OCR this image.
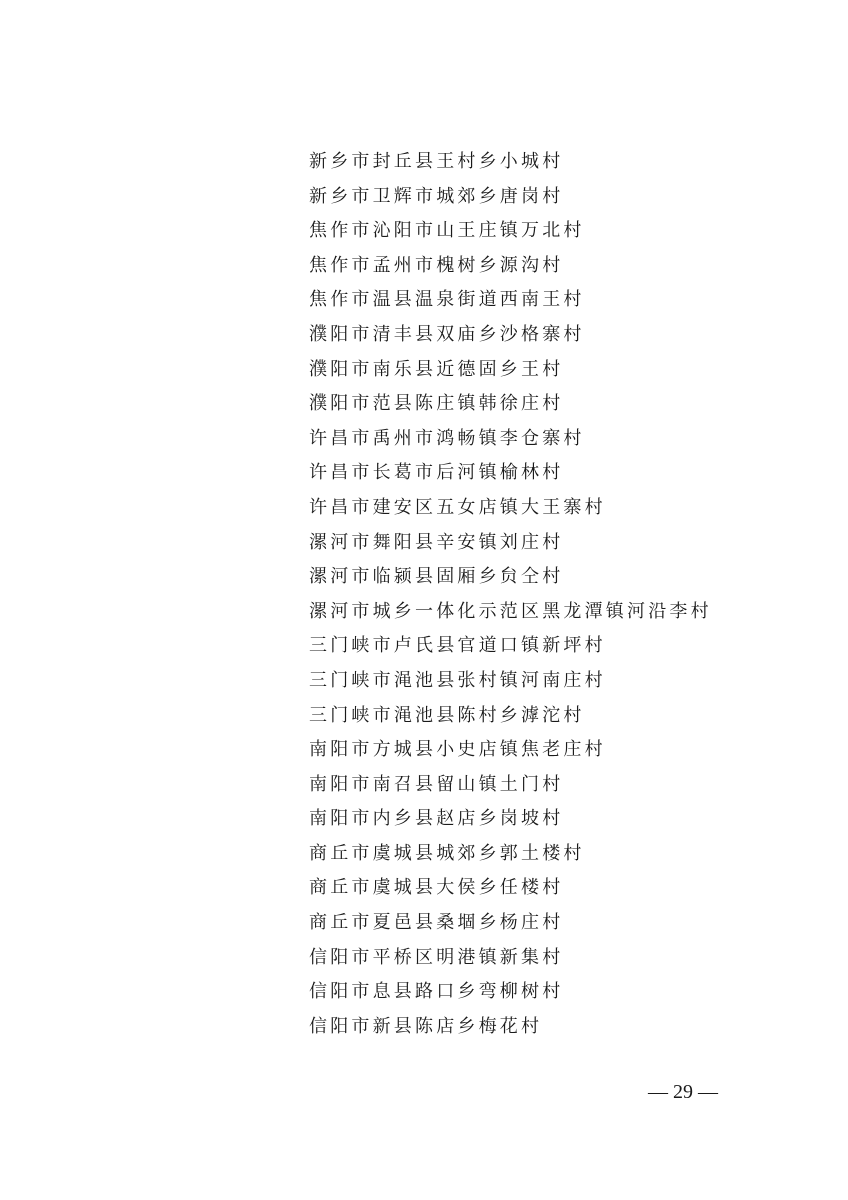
新乡市封丘县王村乡小城村
新乡市卫辉市城郊乡唐岗村
焦作市沁阳市山王庄镇万北村
焦作市孟州市槐树乡源沟村
焦作市温县温泉街道西南王村
濮阳市清丰县双庙乡沙格寨村
濮阳市南乐县近德固乡王村
濮阳市范县陈庄镇韩徐庄村
许昌市禹州市鸿畅镇李仓寨村
许昌市长葛市后河镇榆林村
许昌市建安区五女店镇大王寨村
漯河市舞阳县辛安镇刘庄村
漯河市临颍县固厢乡贠仝村
漯河市城乡一体化示范区黑龙潭镇河沿李村
三门峡市卢氏县官道口镇新坪村
三门峡市渑池县张村镇河南庄村
三门峡市渑池县陈村乡滹沱村
南阳市方城县小史店镇焦老庄村
南阳市南召县留山镇土门村
南阳市内乡县赵店乡岗坡村
商丘市虞城县城郊乡郭土楼村
商丘市虞城县大侯乡任楼村
商丘市夏邑县桑堌乡杨庄村
信阳市平桥区明港镇新集村
信阳市息县路口乡弯柳树村
信阳市新县陈店乡梅花村
— 29 —
